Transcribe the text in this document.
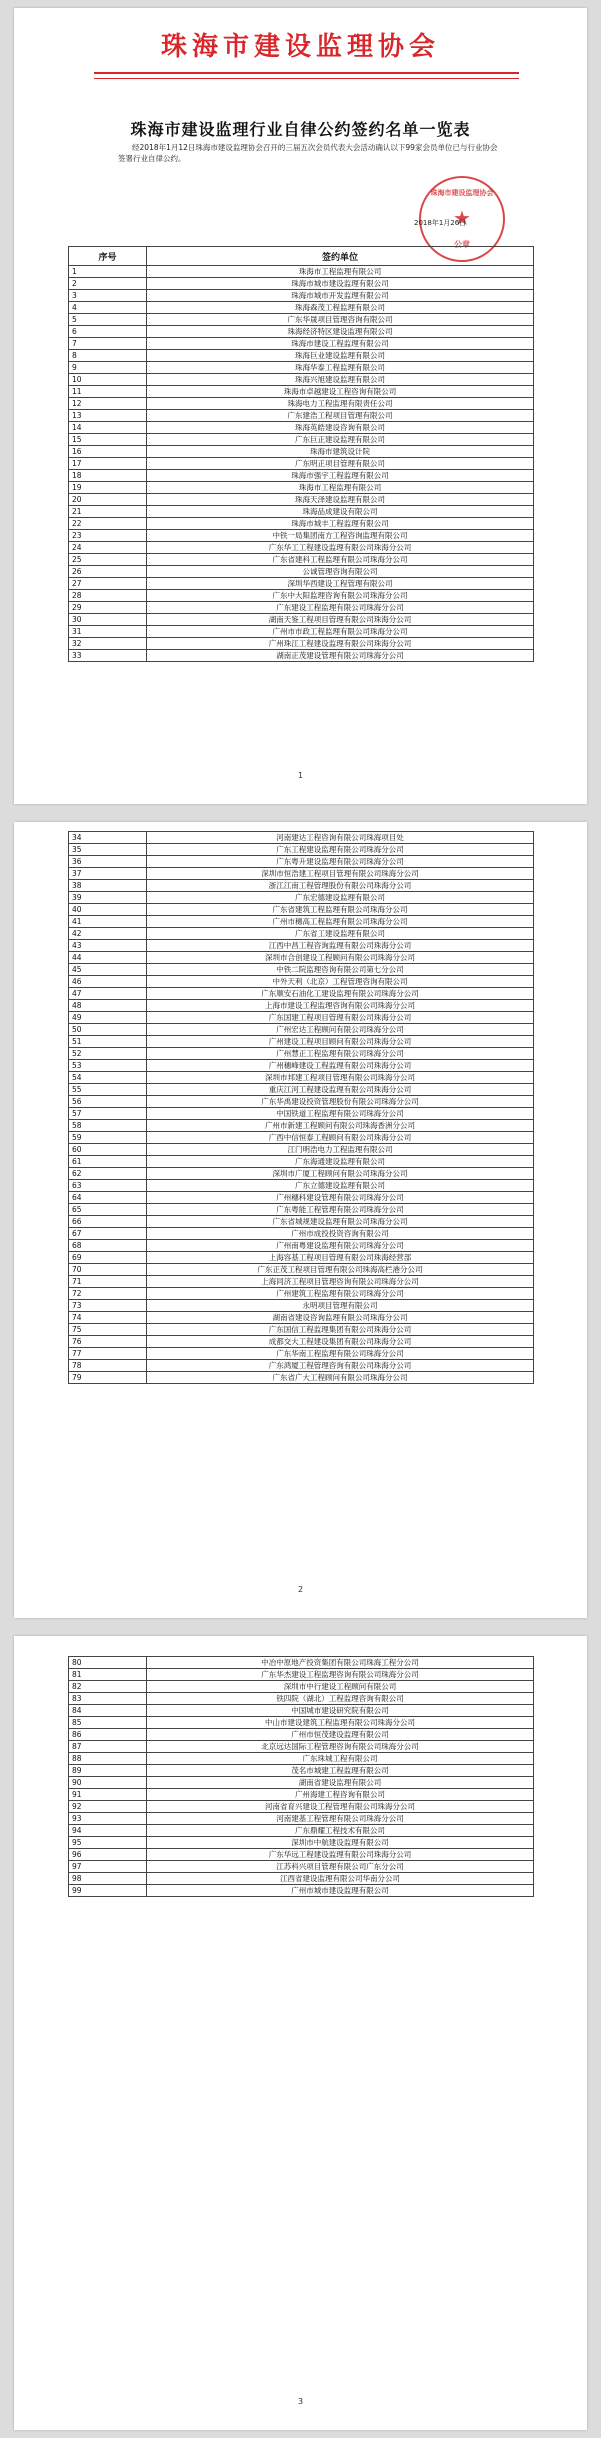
珠海市建设监理协会
珠海市建设监理行业自律公约签约名单一览表
经2018年1月12日珠海市建设监理协会召开的三届五次会员代表大会活动确认以下99家会员单位已与行业协会签署行业自律公约。
珠海市建设监理协会
★
公章
2018年1月26日
序号	签约单位
1	珠海市工程监理有限公司
2	珠海市城市建设监理有限公司
3	珠海市城市开发监理有限公司
4	珠海森茂工程监理有限公司
5	广东华晟项目管理咨询有限公司
6	珠海经济特区建设监理有限公司
7	珠海市建设工程监理有限公司
8	珠海巨业建设监理有限公司
9	珠海华泰工程监理有限公司
10	珠海兴旭建设监理有限公司
11	珠海市卓越建设工程咨询有限公司
12	珠海电力工程监理有限责任公司
13	广东建浩工程项目管理有限公司
14	珠海英皓建设咨询有限公司
15	广东巨正建设监理有限公司
16	珠海市建筑设计院
17	广东明正项目管理有限公司
18	珠海市强宇工程监理有限公司
19	珠海市工程监理有限公司
20	珠海天泽建设监理有限公司
21	珠海品成建设有限公司
22	珠海市城丰工程监理有限公司
23	中铁一局集团南方工程咨询监理有限公司
24	广东华工工程建设监理有限公司珠海分公司
25	广东省建科工程监理有限公司珠海分公司
26	公诚管理咨询有限公司
27	深圳华西建设工程管理有限公司
28	广东中大阳监理咨询有限公司珠海分公司
29	广东建设工程监理有限公司珠海分公司
30	湖南天鉴工程项目管理有限公司珠海分公司
31	广州市市政工程监理有限公司珠海分公司
32	广州珠江工程建设监理有限公司珠海分公司
33	湖南正茂建设管理有限公司珠海分公司
1
34	河南建达工程咨询有限公司珠海项目处
35	广东工程建设监理有限公司珠海分公司
36	广东粤升建设监理有限公司珠海分公司
37	深圳市恒浩建工程项目管理有限公司珠海分公司
38	浙江江南工程管理股份有限公司珠海分公司
39	广东宏德建设监理有限公司
40	广东省建筑工程监理有限公司珠海分公司
41	广州市穗高工程监理有限公司珠海分公司
42	广东省工建设监理有限公司
43	江西中昌工程咨询监理有限公司珠海分公司
44	深圳市合创建设工程顾问有限公司珠海分公司
45	中铁二院监理咨询有限公司第七分公司
46	中外天利（北京）工程管理咨询有限公司
47	广东顺安石油化工建设监理有限公司珠海分公司
48	上海市建设工程监理咨询有限公司珠海分公司
49	广东国建工程项目管理有限公司珠海分公司
50	广州宏达工程顾问有限公司珠海分公司
51	广州建设工程项目顾问有限公司珠海分公司
52	广州慧正工程监理有限公司珠海分公司
53	广州穗峰建设工程监理有限公司珠海分公司
54	深圳市邦建工程项目管理有限公司珠海分公司
55	重庆江河工程建设监理有限公司珠海分公司
56	广东华禹建设投资管理股份有限公司珠海分公司
57	中国铁道工程监理有限公司珠海分公司
58	广州市新建工程顾问有限公司珠海香洲分公司
59	广西中信恒泰工程顾问有限公司珠海分公司
60	江门明浩电力工程监理有限公司
61	广东海通建设监理有限公司
62	深圳市广厦工程顾问有限公司珠海分公司
63	广东立德建设监理有限公司
64	广州穗科建设管理有限公司珠海分公司
65	广东粤能工程管理有限公司珠海分公司
66	广东省城规建设监理有限公司珠海分公司
67	广州市成投投资咨询有限公司
68	广州南粤建设监理有限公司珠海分公司
69	上海容基工程项目管理有限公司珠海经营部
70	广东正茂工程项目管理有限公司珠海高栏港分公司
71	上海同济工程项目管理咨询有限公司珠海分公司
72	广州建筑工程监理有限公司珠海分公司
73	永明项目管理有限公司
74	湖南省建设咨询监理有限公司珠海分公司
75	广东国信工程监理集团有限公司珠海分公司
76	成都交大工程建设集团有限公司珠海分公司
77	广东华南工程监理有限公司珠海分公司
78	广东鸿厦工程管理咨询有限公司珠海分公司
79	广东省广大工程顾问有限公司珠海分公司
2
80	中冶中原地产投资集团有限公司珠海工程分公司
81	广东华杰建设工程监理咨询有限公司珠海分公司
82	深圳市中行建设工程顾问有限公司
83	铁四院（湖北）工程监理咨询有限公司
84	中国城市建设研究院有限公司
85	中山市建设建筑工程监理有限公司珠海分公司
86	广州市恒茂建设监理有限公司
87	北京远达国际工程管理咨询有限公司珠海分公司
88	广东珠城工程有限公司
89	茂名市城建工程监理有限公司
90	湖南省建设监理有限公司
91	广州海建工程咨询有限公司
92	河南省育兴建设工程管理有限公司珠海分公司
93	河南建基工程管理有限公司珠海分公司
94	广东鼎耀工程技术有限公司
95	深圳市中航建设监理有限公司
96	广东华远工程建设监理有限公司珠海分公司
97	江苏科兴项目管理有限公司广东分公司
98	江西省建设监理有限公司华南分公司
99	广州市城市建设监理有限公司
3
